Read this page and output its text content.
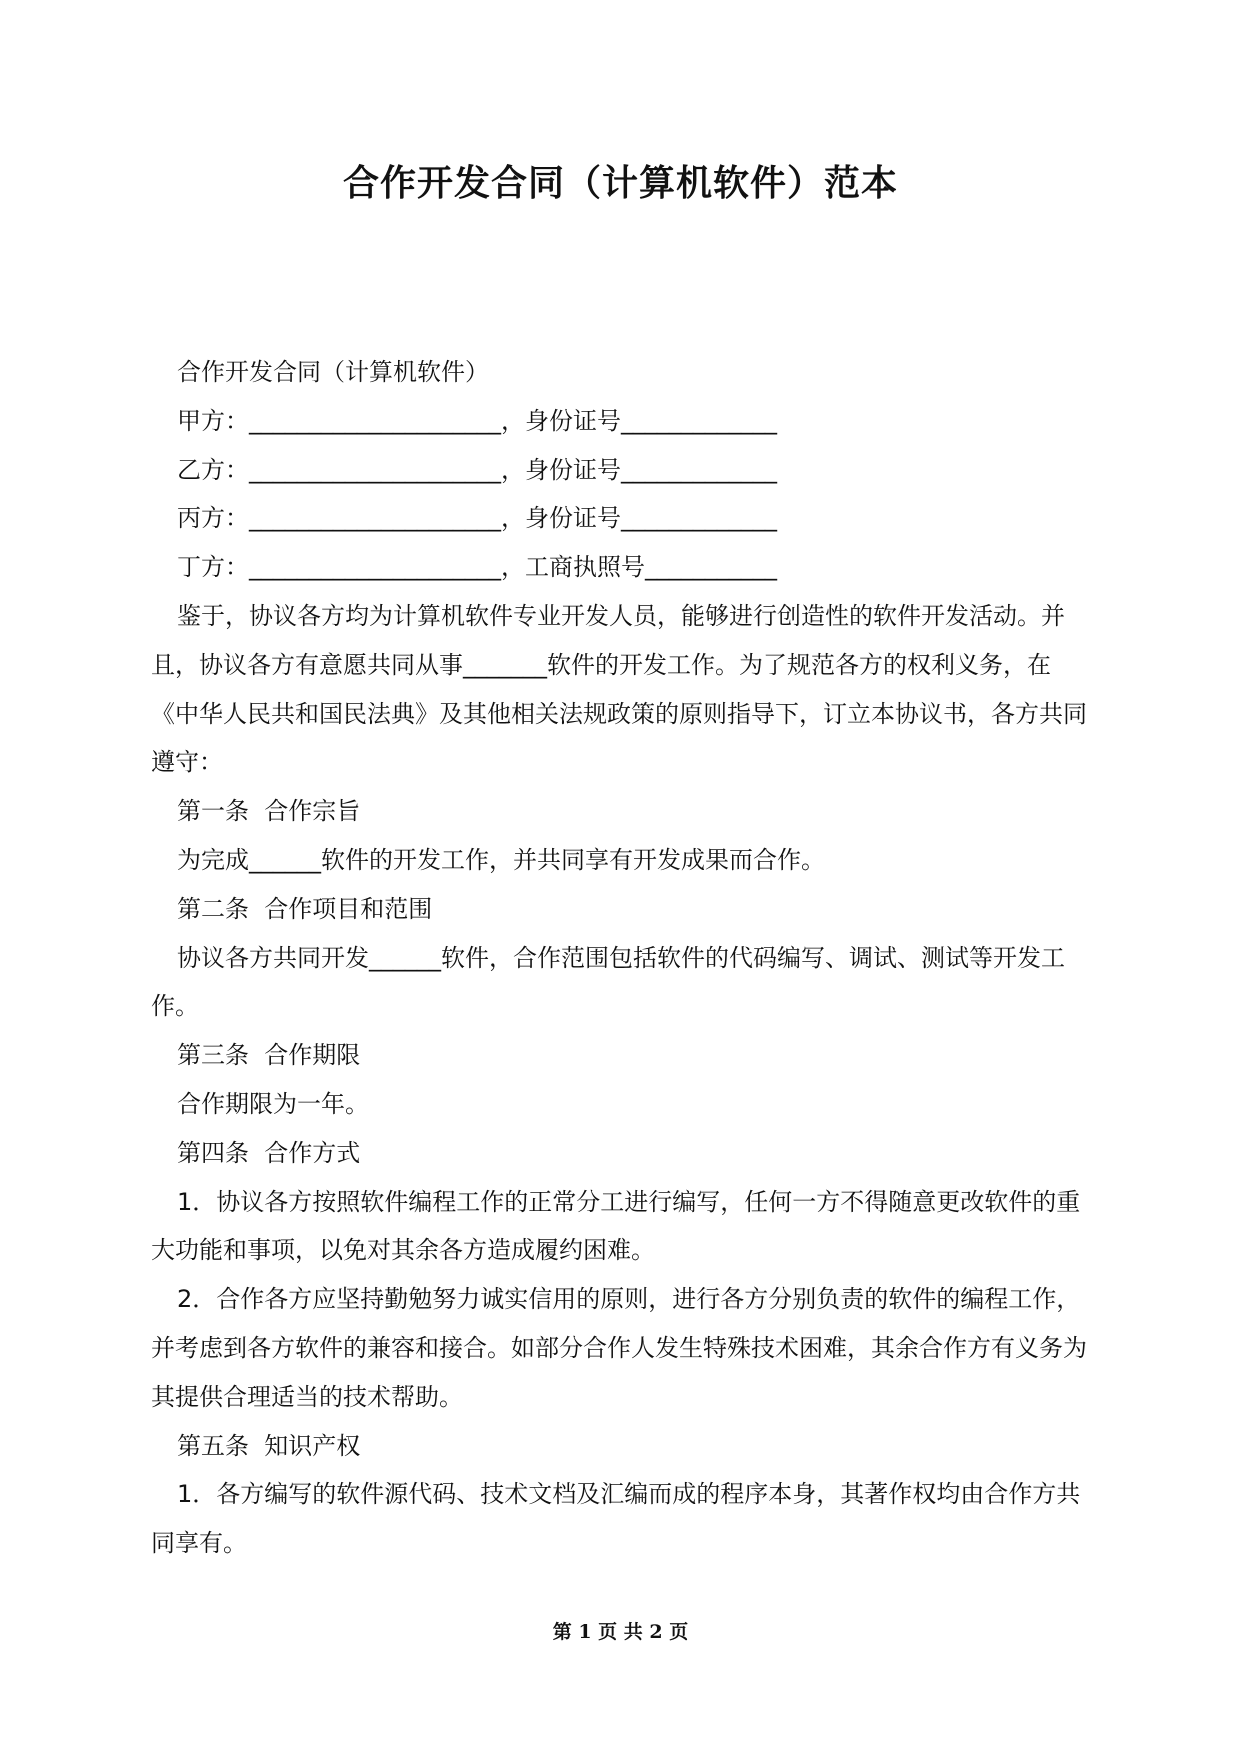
合作开发合同（计算机软件）范本

合作开发合同（计算机软件）

甲方：_____________________，身份证号_____________

乙方：_____________________，身份证号_____________

丙方：_____________________，身份证号_____________

丁方：_____________________，工商执照号___________

鉴于，协议各方均为计算机软件专业开发人员，能够进行创造性的软件开发活动。并且，协议各方有意愿共同从事_______软件的开发工作。为了规范各方的权利义务，在《中华人民共和国民法典》及其他相关法规政策的原则指导下，订立本协议书，各方共同遵守：

第一条  合作宗旨

为完成______软件的开发工作，并共同享有开发成果而合作。

第二条  合作项目和范围

协议各方共同开发______软件，合作范围包括软件的代码编写、调试、测试等开发工作。

第三条  合作期限

合作期限为一年。

第四条  合作方式

1．协议各方按照软件编程工作的正常分工进行编写，任何一方不得随意更改软件的重大功能和事项，以免对其余各方造成履约困难。

2．合作各方应坚持勤勉努力诚实信用的原则，进行各方分别负责的软件的编程工作，并考虑到各方软件的兼容和接合。如部分合作人发生特殊技术困难，其余合作方有义务为其提供合理适当的技术帮助。

第五条  知识产权

1．各方编写的软件源代码、技术文档及汇编而成的程序本身，其著作权均由合作方共同享有。

第 1 页 共 2 页
